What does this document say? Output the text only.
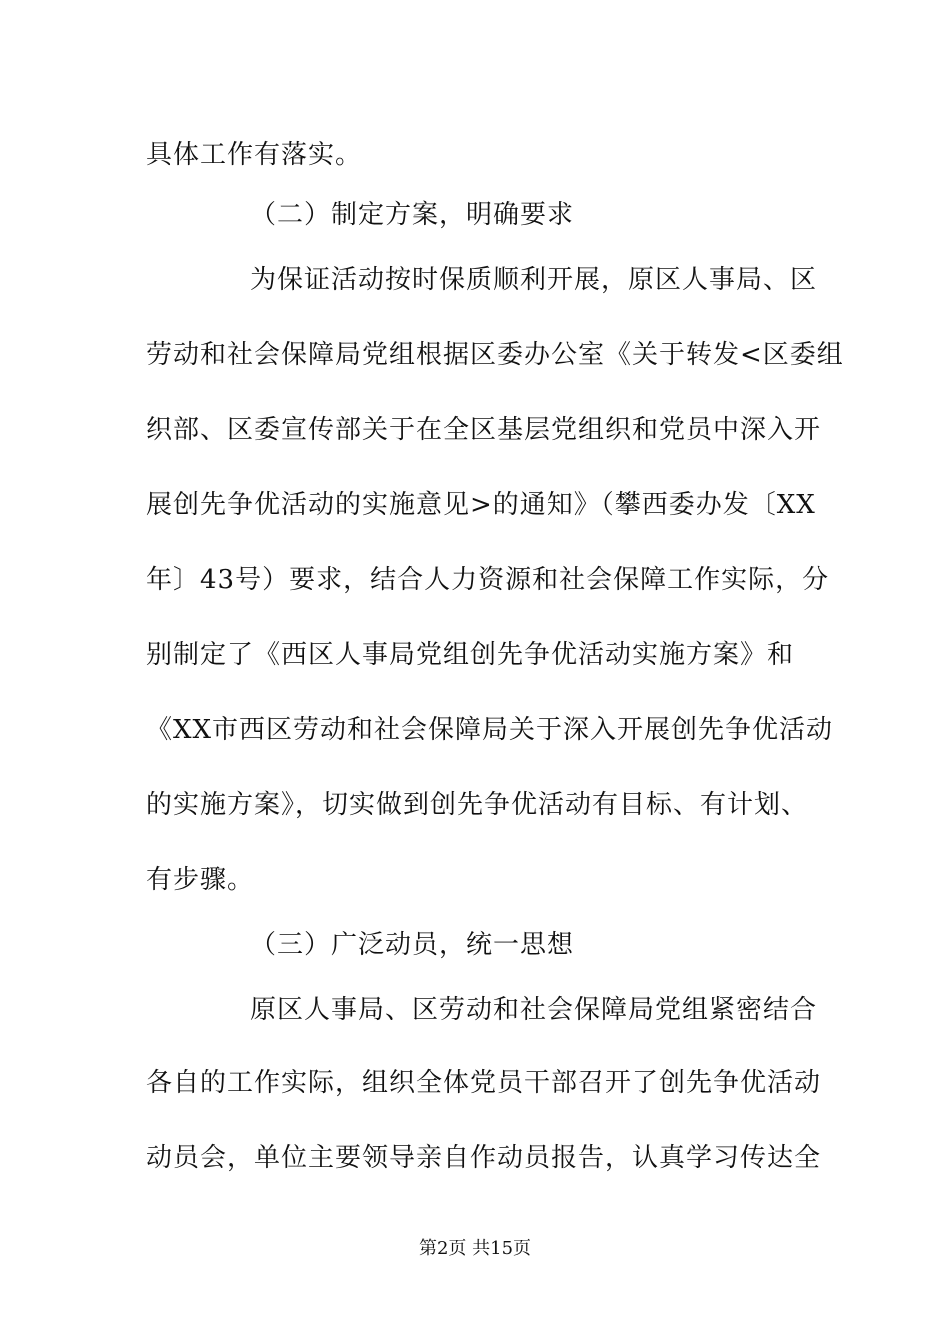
具体工作有落实。
（二）制定方案，明确要求
为保证活动按时保质顺利开展，原区人事局、区
劳动和社会保障局党组根据区委办公室《关于转发<区委组
织部、区委宣传部关于在全区基层党组织和党员中深入开
展创先争优活动的实施意见>的通知》（攀西委办发〔XX
年〕43号）要求，结合人力资源和社会保障工作实际，分
别制定了《西区人事局党组创先争优活动实施方案》和
《XX市西区劳动和社会保障局关于深入开展创先争优活动
的实施方案》，切实做到创先争优活动有目标、有计划、
有步骤。
（三）广泛动员，统一思想
原区人事局、区劳动和社会保障局党组紧密结合
各自的工作实际，组织全体党员干部召开了创先争优活动
动员会，单位主要领导亲自作动员报告，认真学习传达全
第2页 共15页
